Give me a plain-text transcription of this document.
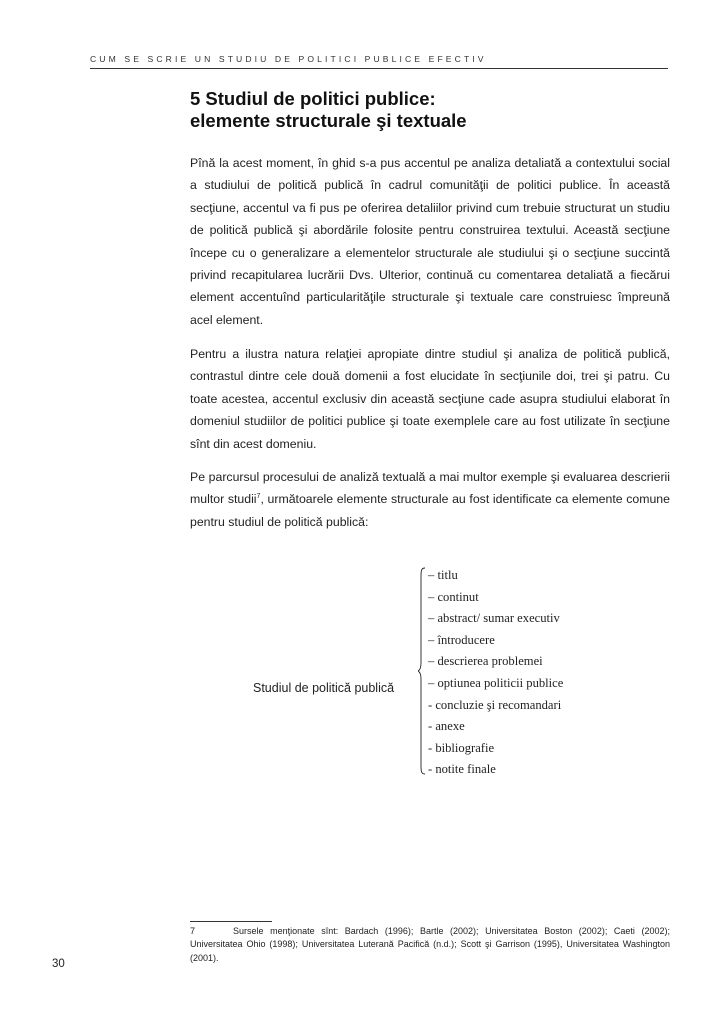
CUM SE SCRIE UN STUDIU DE POLITICI PUBLICE EFECTIV
5 Studiul de politici publice:
elemente structurale şi textuale

Pînă la acest moment, în ghid s-a pus accentul pe analiza detaliată a contextului social a studiului de politică publică în cadrul comunităţii de politici publice. În această secţiune, accentul va fi pus pe oferirea detaliilor privind cum trebuie structurat un studiu de politică publică şi abordările folosite pentru construirea textului. Această secţiune începe cu o generalizare a elementelor structurale ale studiului şi o secţiune succintă privind recapitularea lucrării Dvs. Ulterior, continuă cu comentarea detaliată a fiecărui element accentuînd particularităţile structurale şi textuale care construiesc împreună acel element.

Pentru a ilustra natura relaţiei apropiate dintre studiul şi analiza de politică publică, contrastul dintre cele două domenii a fost elucidate în secţiunile doi, trei şi patru. Cu toate acestea, accentul exclusiv din această secţiune cade asupra studiului elaborat în domeniul studiilor de politici publice şi toate exemplele care au fost utilizate în secţiune sînt din acest domeniu.

Pe parcursul procesului de analiză textuală a mai multor exemple şi evaluarea descrierii multor studii$^7$, următoarele elemente structurale au fost identificate ca elemente comune pentru studiul de politică publică:

Studiul de politică publică
– titlu
– continut
– abstract/ sumar executiv
– întroducere
– descrierea problemei
– optiunea politicii publice
- concluzie şi recomandari
- anexe
- bibliografie
- notite finale
7	Sursele menţionate sînt: Bardach (1996); Bartle (2002); Universitatea Boston (2002); Caeti (2002); Universitatea Ohio (1998); Universitatea Luterană Pacifică (n.d.); Scott şi Garrison (1995), Universitatea Washington (2001).
30
